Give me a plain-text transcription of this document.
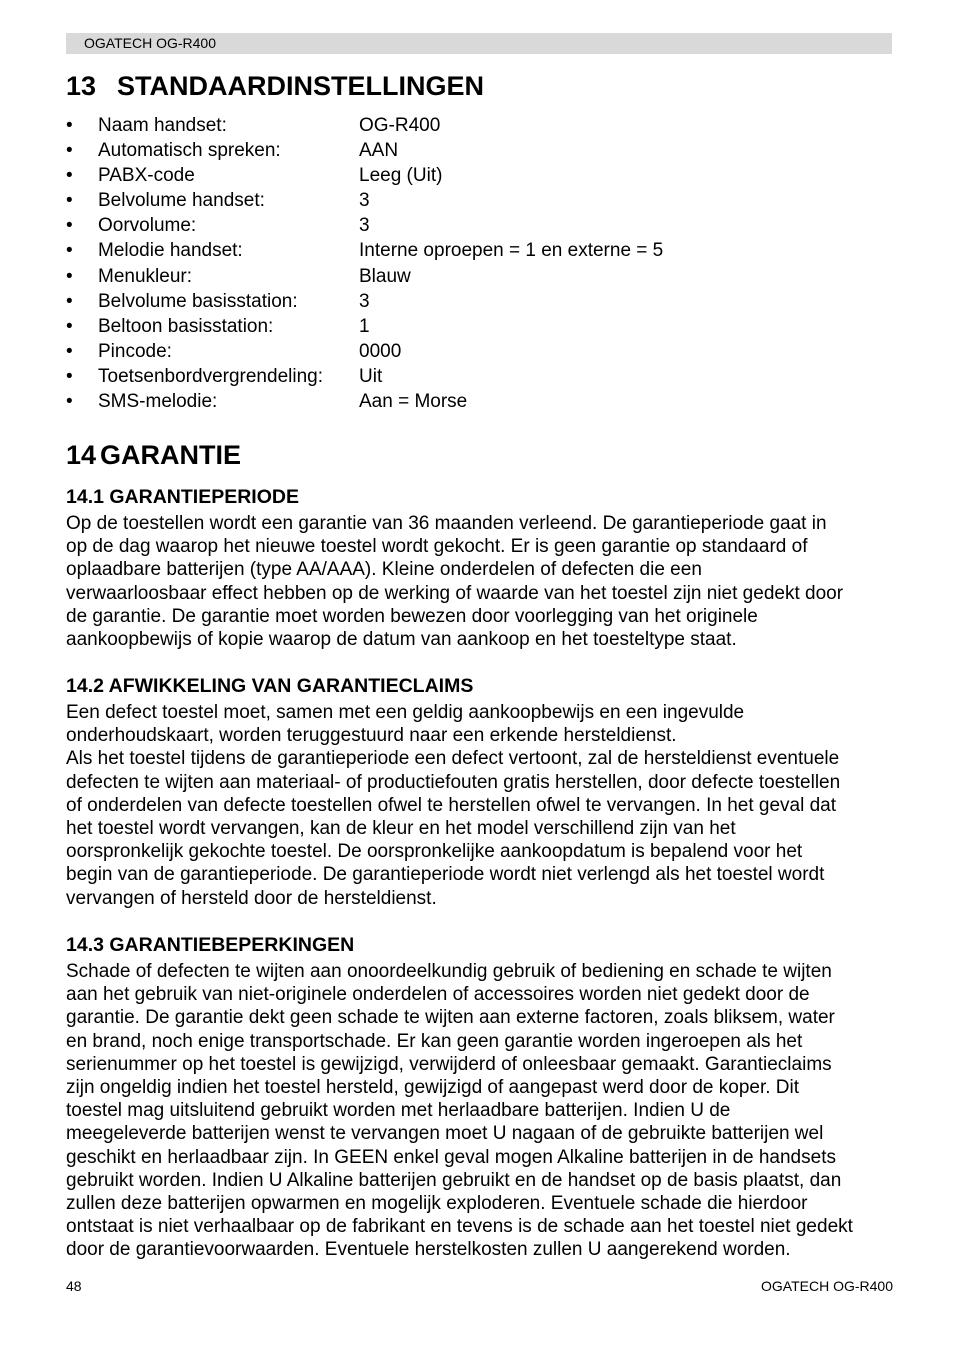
OGATECH OG-R400
13 STANDAARDINSTELLINGEN
• Naam handset:	OG-R400
• Automatisch spreken:	AAN
• PABX-code	Leeg (Uit)
• Belvolume handset:	3
• Oorvolume:	3
• Melodie handset:	Interne oproepen = 1 en externe = 5
• Menukleur:	Blauw
• Belvolume basisstation:	3
• Beltoon basisstation:	1
• Pincode:	0000
• Toetsenbordvergrendeling: Uit
• SMS-melodie:	Aan = Morse
14 GARANTIE
14.1 GARANTIEPERIODE

Op de toestellen wordt een garantie van 36 maanden verleend. De garantieperiode gaat in
op de dag waarop het nieuwe toestel wordt gekocht. Er is geen garantie op standaard of
oplaadbare batterijen (type AA/AAA). Kleine onderdelen of defecten die een
verwaarloosbaar effect hebben op de werking of waarde van het toestel zijn niet gedekt door
de garantie. De garantie moet worden bewezen door voorlegging van het originele
aankoopbewijs of kopie waarop de datum van aankoop en het toesteltype staat.

14.2 AFWIKKELING VAN GARANTIECLAIMS

Een defect toestel moet, samen met een geldig aankoopbewijs en een ingevulde
onderhoudskaart, worden teruggestuurd naar een erkende hersteldienst.
Als het toestel tijdens de garantieperiode een defect vertoont, zal de hersteldienst eventuele
defecten te wijten aan materiaal- of productiefouten gratis herstellen, door defecte toestellen
of onderdelen van defecte toestellen ofwel te herstellen ofwel te vervangen. In het geval dat
het toestel wordt vervangen, kan de kleur en het model verschillend zijn van het
oorspronkelijk gekochte toestel. De oorspronkelijke aankoopdatum is bepalend voor het
begin van de garantieperiode. De garantieperiode wordt niet verlengd als het toestel wordt
vervangen of hersteld door de hersteldienst.

14.3 GARANTIEBEPERKINGEN

Schade of defecten te wijten aan onoordeelkundig gebruik of bediening en schade te wijten
aan het gebruik van niet-originele onderdelen of accessoires worden niet gedekt door de
garantie. De garantie dekt geen schade te wijten aan externe factoren, zoals bliksem, water
en brand, noch enige transportschade. Er kan geen garantie worden ingeroepen als het
serienummer op het toestel is gewijzigd, verwijderd of onleesbaar gemaakt. Garantieclaims
zijn ongeldig indien het toestel hersteld, gewijzigd of aangepast werd door de koper. Dit
toestel mag uitsluitend gebruikt worden met herlaadbare batterijen. Indien U de
meegeleverde batterijen wenst te vervangen moet U nagaan of de gebruikte batterijen wel
geschikt en herlaadbaar zijn. In GEEN enkel geval mogen Alkaline batterijen in de handsets
gebruikt worden. Indien U Alkaline batterijen gebruikt en de handset op de basis plaatst, dan
zullen deze batterijen opwarmen en mogelijk exploderen. Eventuele schade die hierdoor
ontstaat is niet verhaalbaar op de fabrikant en tevens is de schade aan het toestel niet gedekt
door de garantievoorwaarden. Eventuele herstelkosten zullen U aangerekend worden.

48	OGATECH OG-R400
